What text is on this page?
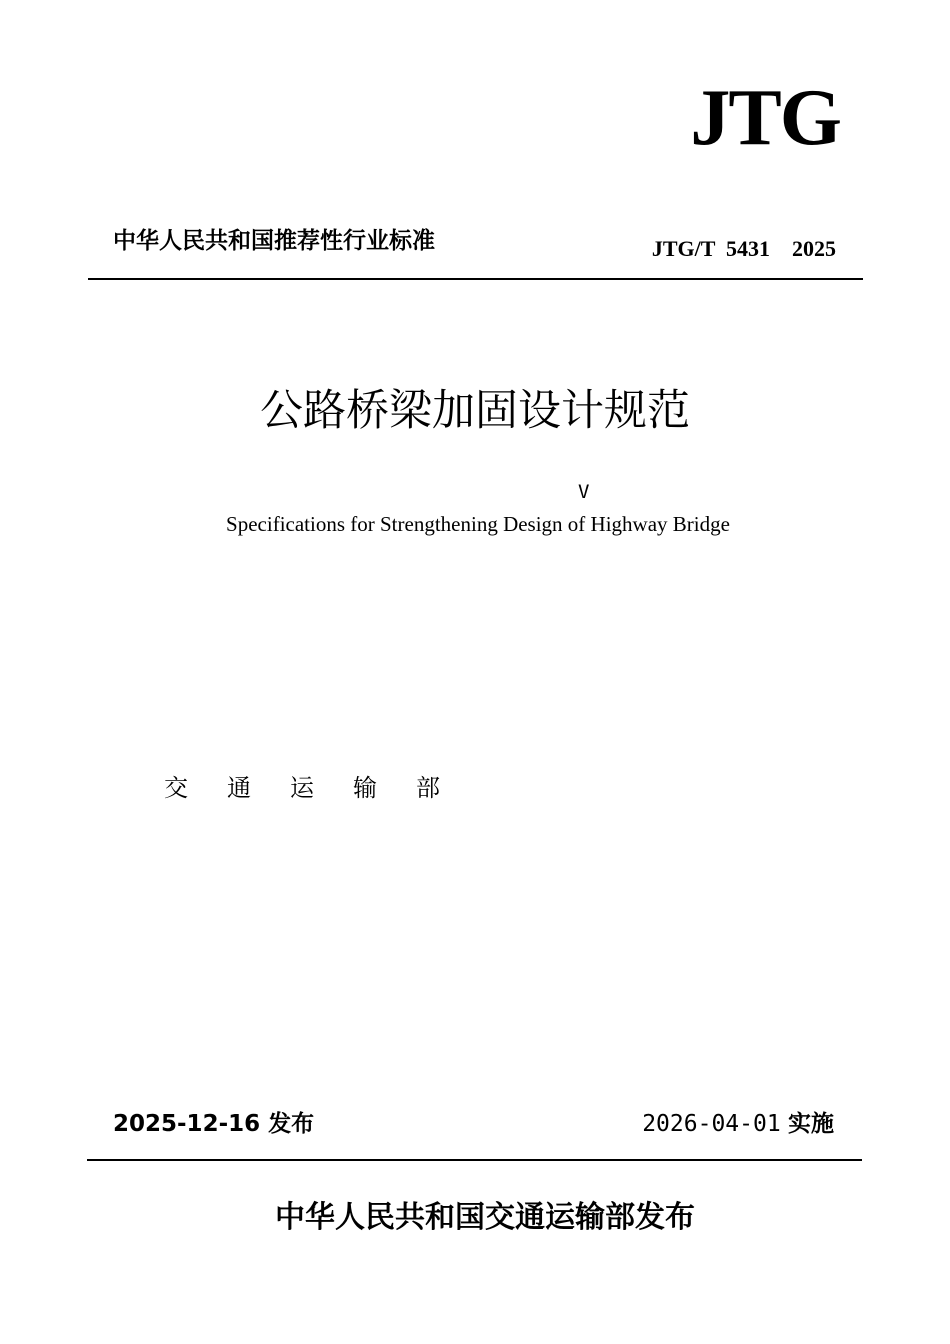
JTG
中华人民共和国推荐性行业标准	JTG/T  5431    2025
公路桥梁加固设计规范
V
Specifications for Strengthening Design of Highway Bridge
交通运输部
2025-12-16 发布	2026-04-01 实施
中华人民共和国交通运输部发布
